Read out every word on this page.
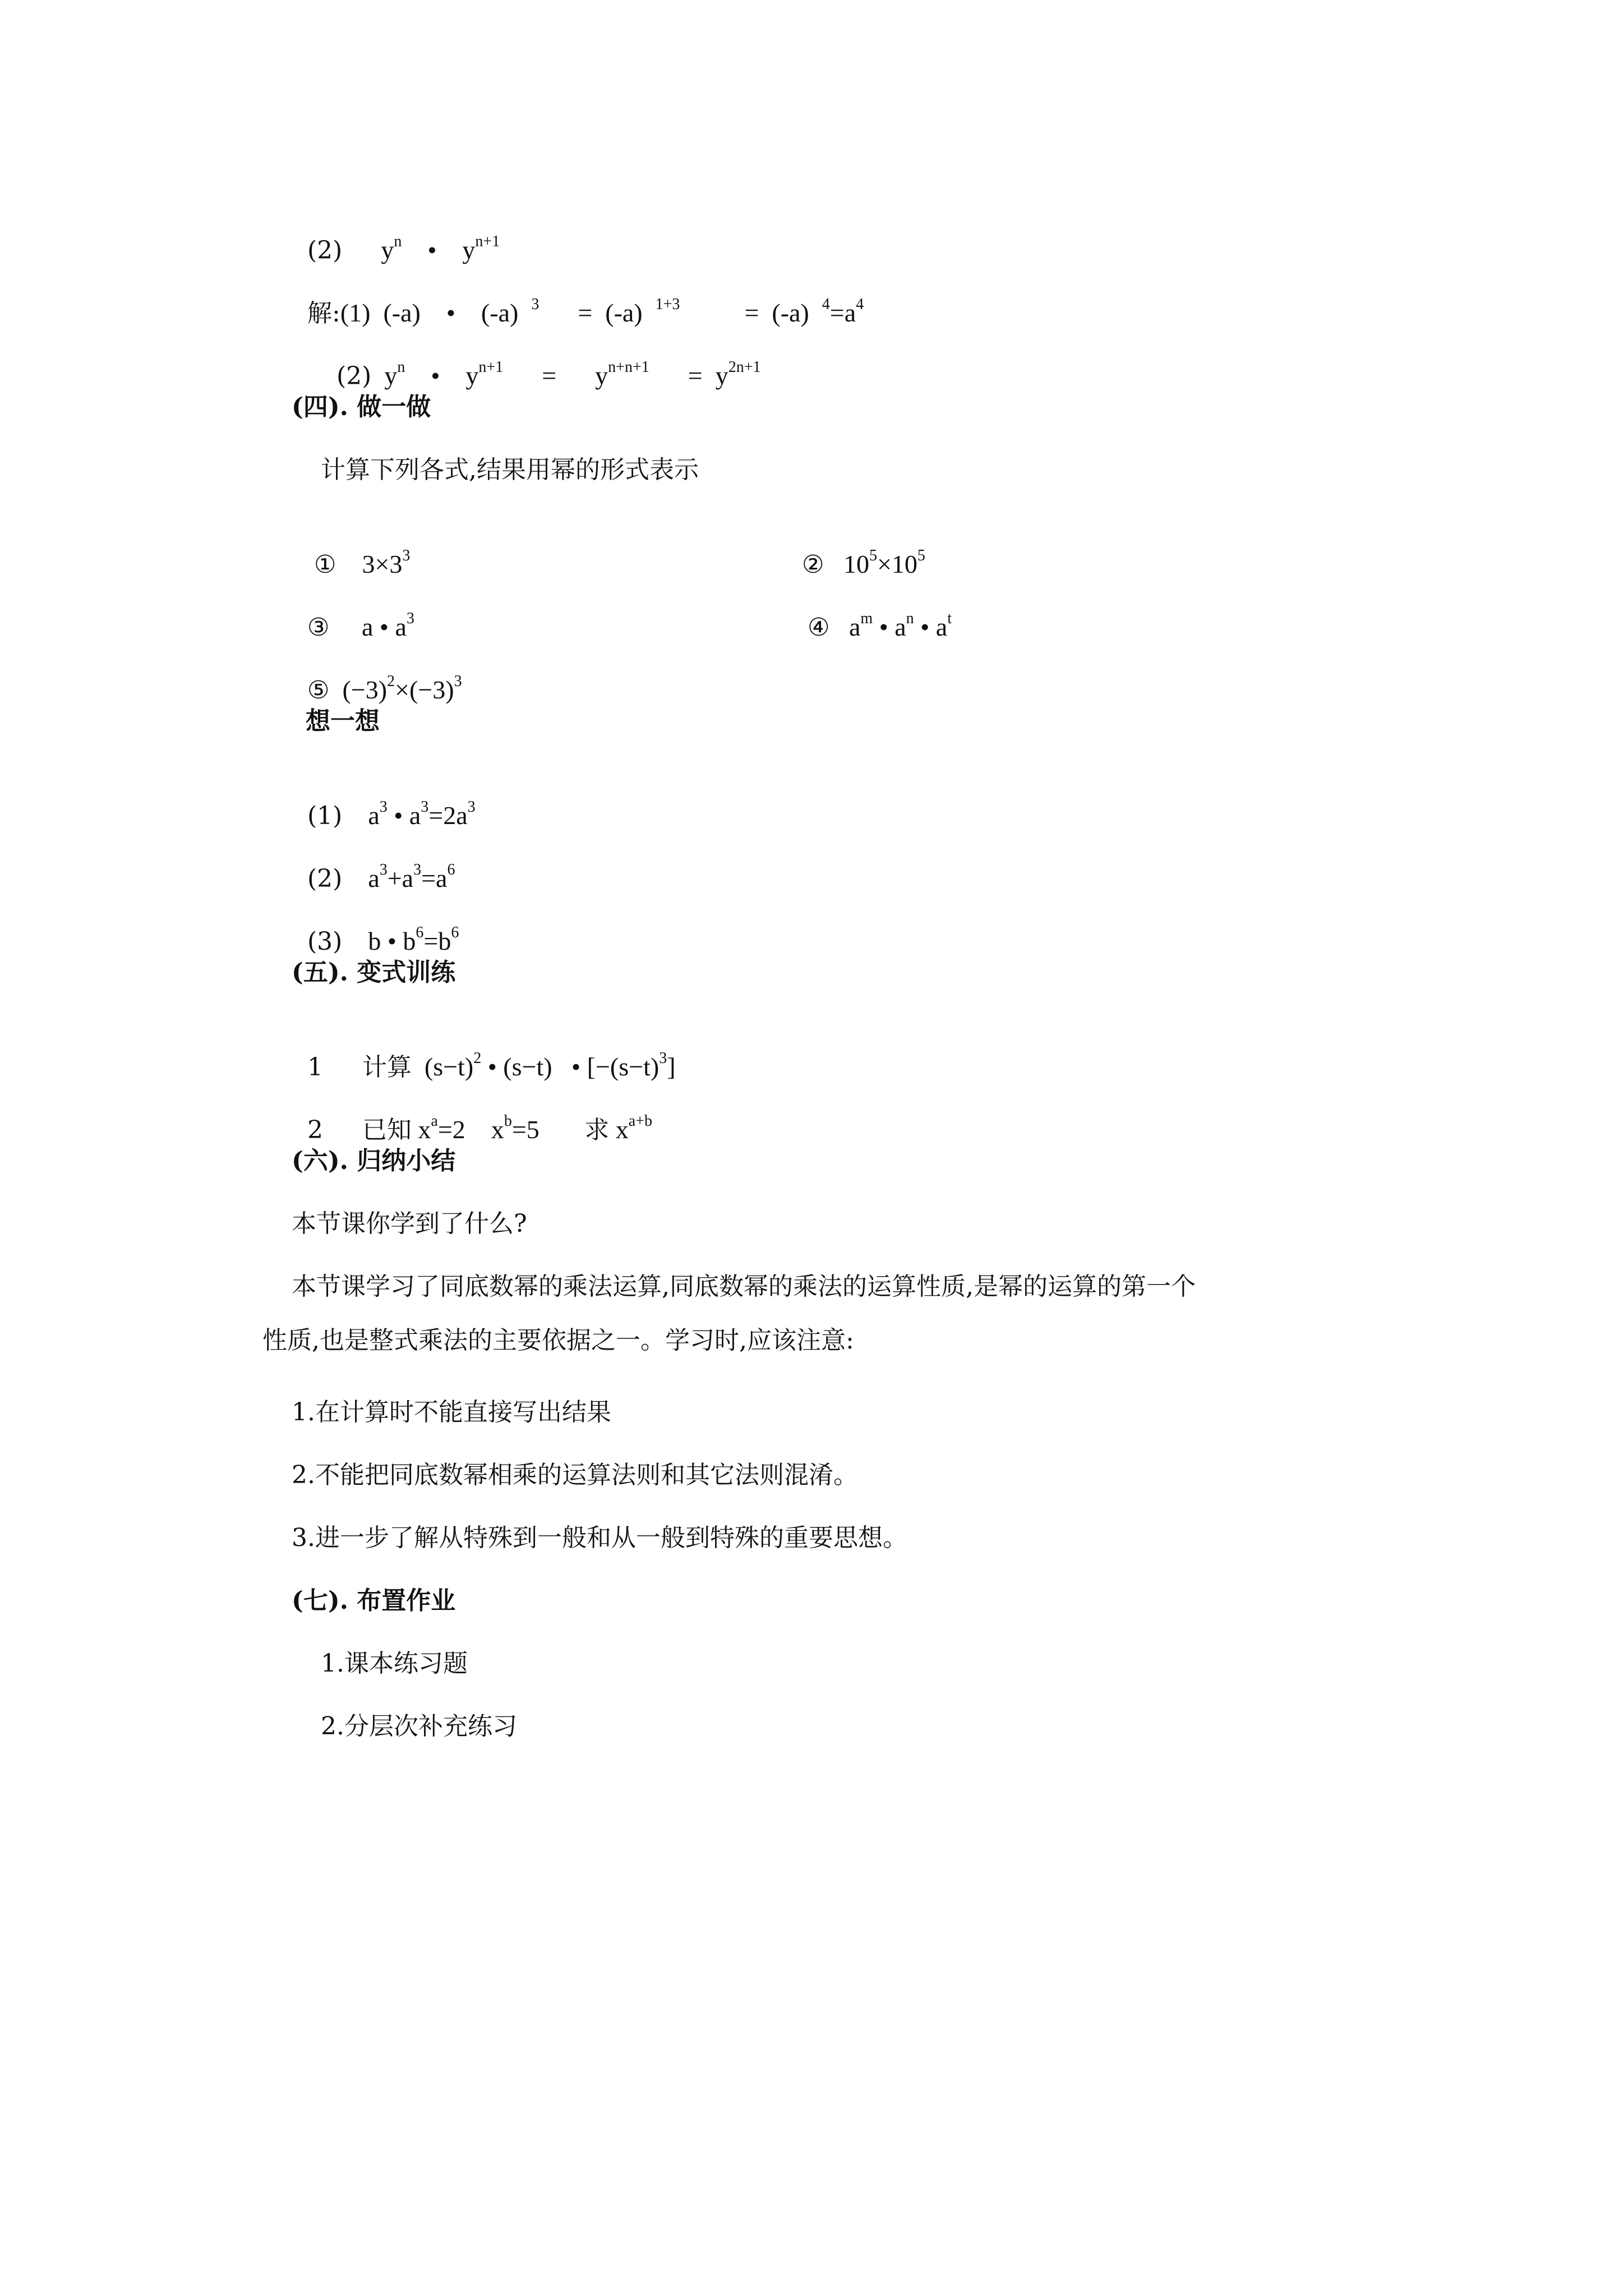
(2)      $y^n$    •    $y^{n+1}$

解:(1)  (-a)    •    (-a)  $^3$      =  (-a)  $^{1+3}$          =  (-a)  $^4=a^4$

(2)  $y^n$    •    $y^{n+1}$      =      $y^{n+n+1}$      =  $y^{2n+1}$

(四). 做一做
计算下列各式,结果用幂的形式表示

①    $3\times 3^3$	②   $10^5\times 10^5$

③     a • $a^3$	④   $a^m$ • $a^n$ • $a^t$

⑤  $(-3)^2\times(-3)^3$

想一想

(1)    $a^3$ • $a^3=2a^3$

(2)    $a^3+a^3=a^6$

(3)    b • $b^6=b^6$

(五). 变式训练

1 计算  $(s-t)^2$ • (s−t)   • $[-(s-t)^3]$

2 已知 $x^a=2$    $x^b=5$       求 $x^{a+b}$

(六). 归纳小结
本节课你学到了什么?
本节课学习了同底数幂的乘法运算,同底数幂的乘法的运算性质,是幂的运算的第一个
性质,也是整式乘法的主要依据之一。学习时,应该注意:
1.在计算时不能直接写出结果
2.不能把同底数幂相乘的运算法则和其它法则混淆。
3.进一步了解从特殊到一般和从一般到特殊的重要思想。
(七). 布置作业
1.课本练习题
2.分层次补充练习
